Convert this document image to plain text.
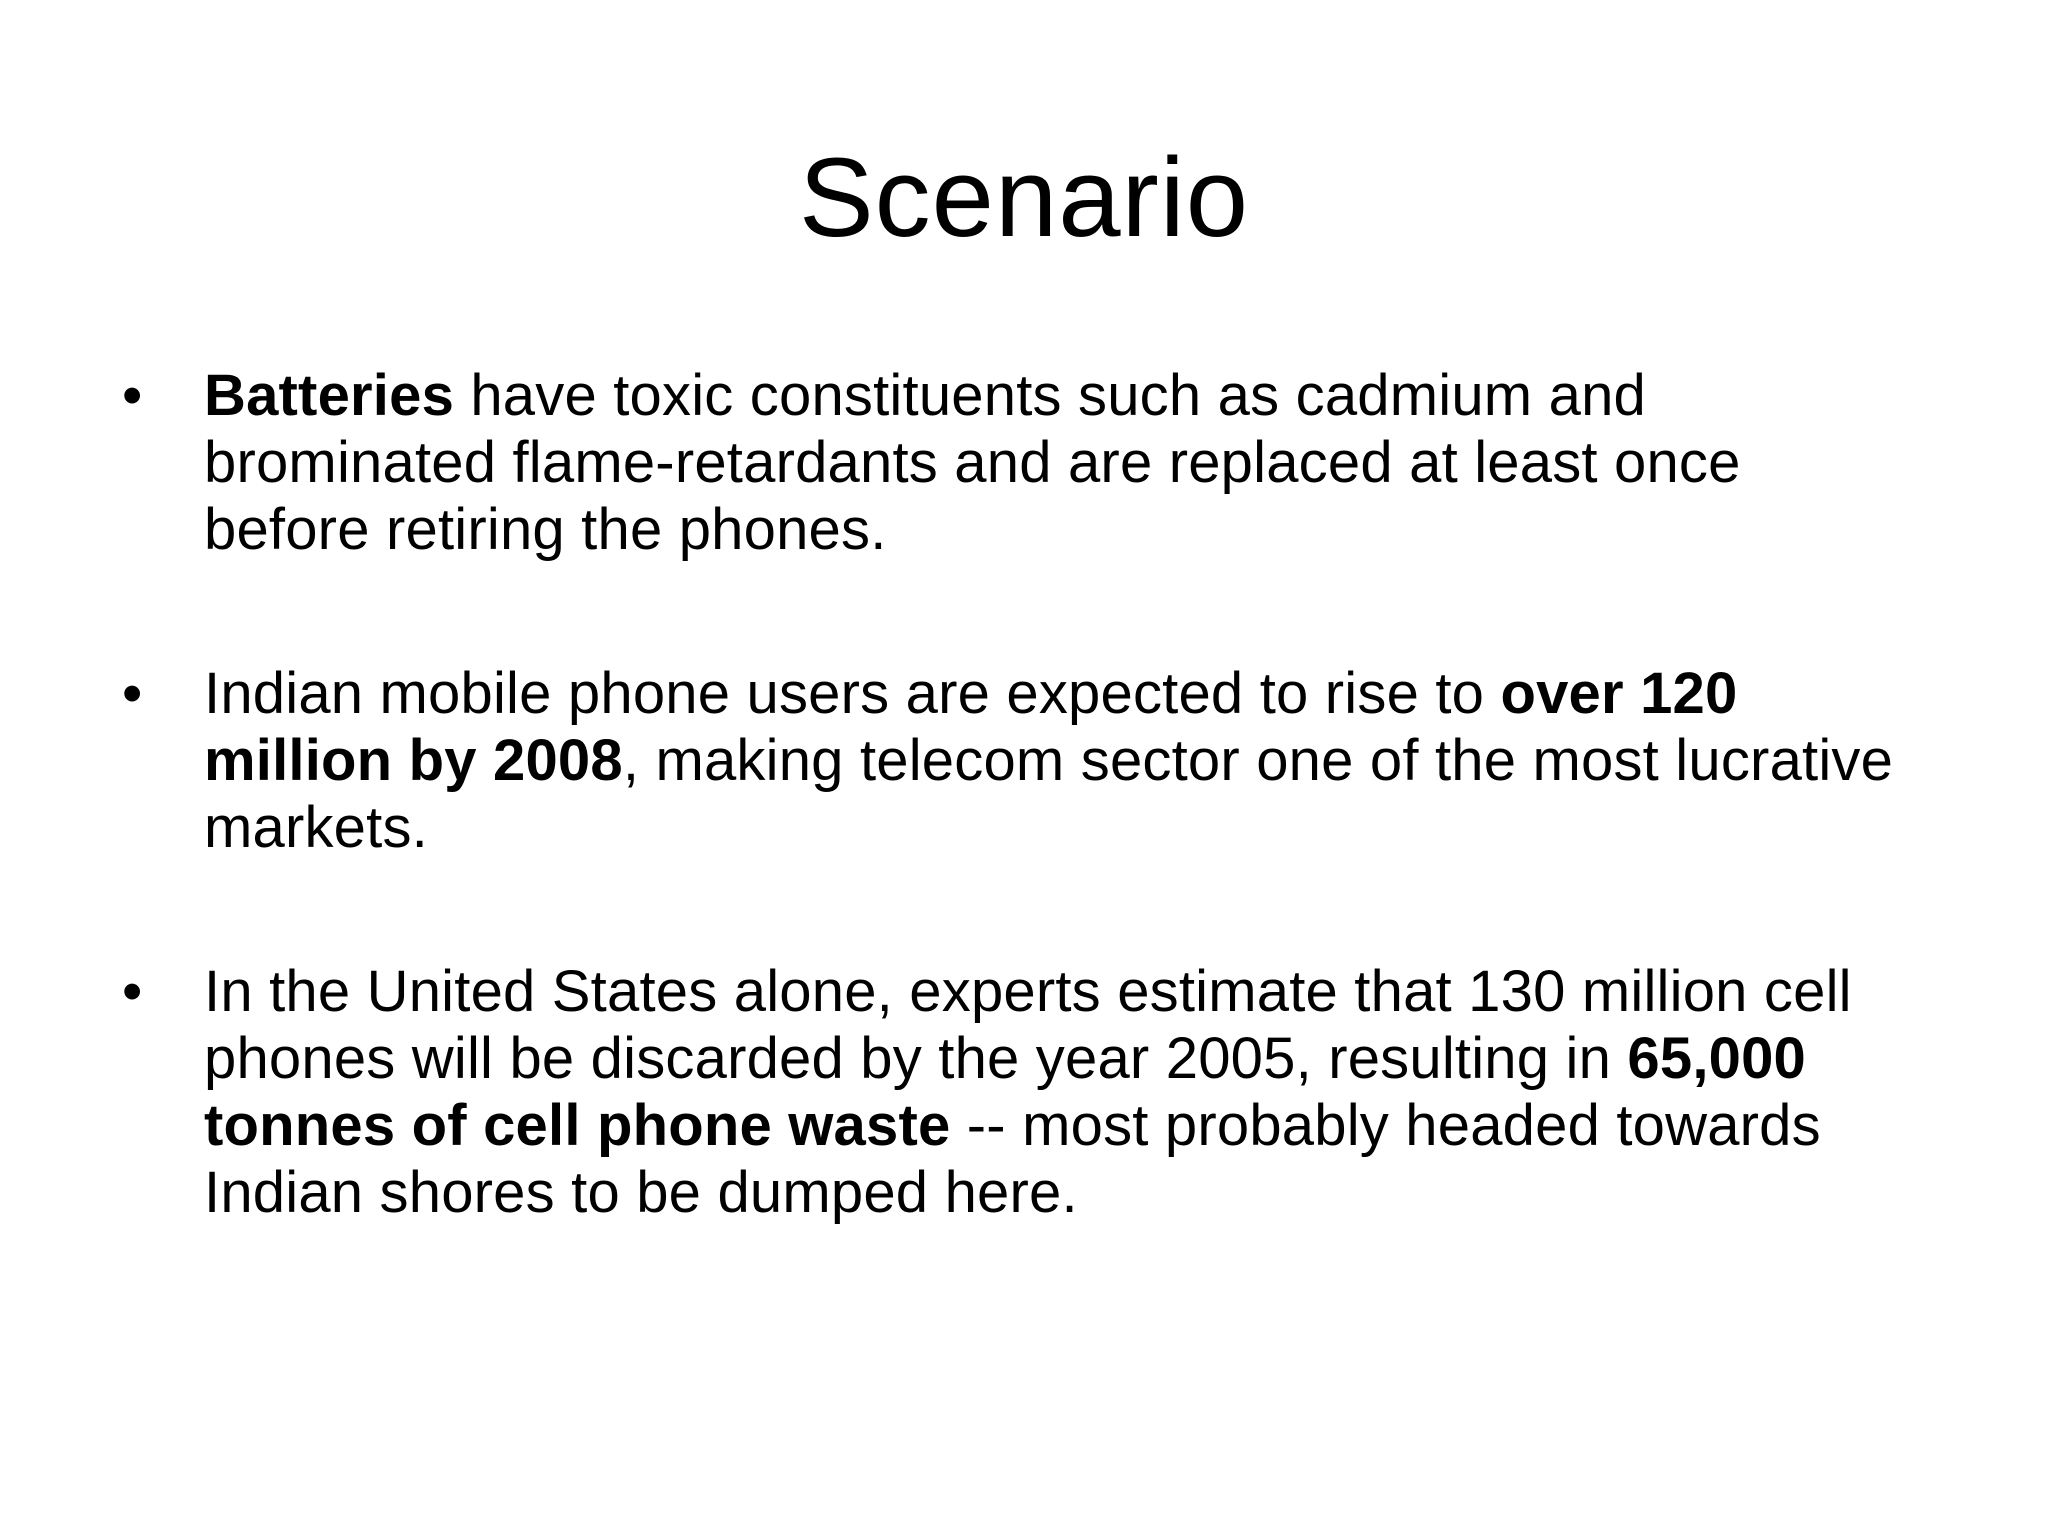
Scenario
•	Batteries have toxic constituents such as cadmium and brominated flame-retardants and are replaced at least once before retiring the phones.
•	Indian mobile phone users are expected to rise to over 120 million by 2008, making telecom sector one of the most lucrative markets.
•	In the United States alone, experts estimate that 130 million cell phones will be discarded by the year 2005, resulting in 65,000 tonnes of cell phone waste -- most probably headed towards Indian shores to be dumped here.
